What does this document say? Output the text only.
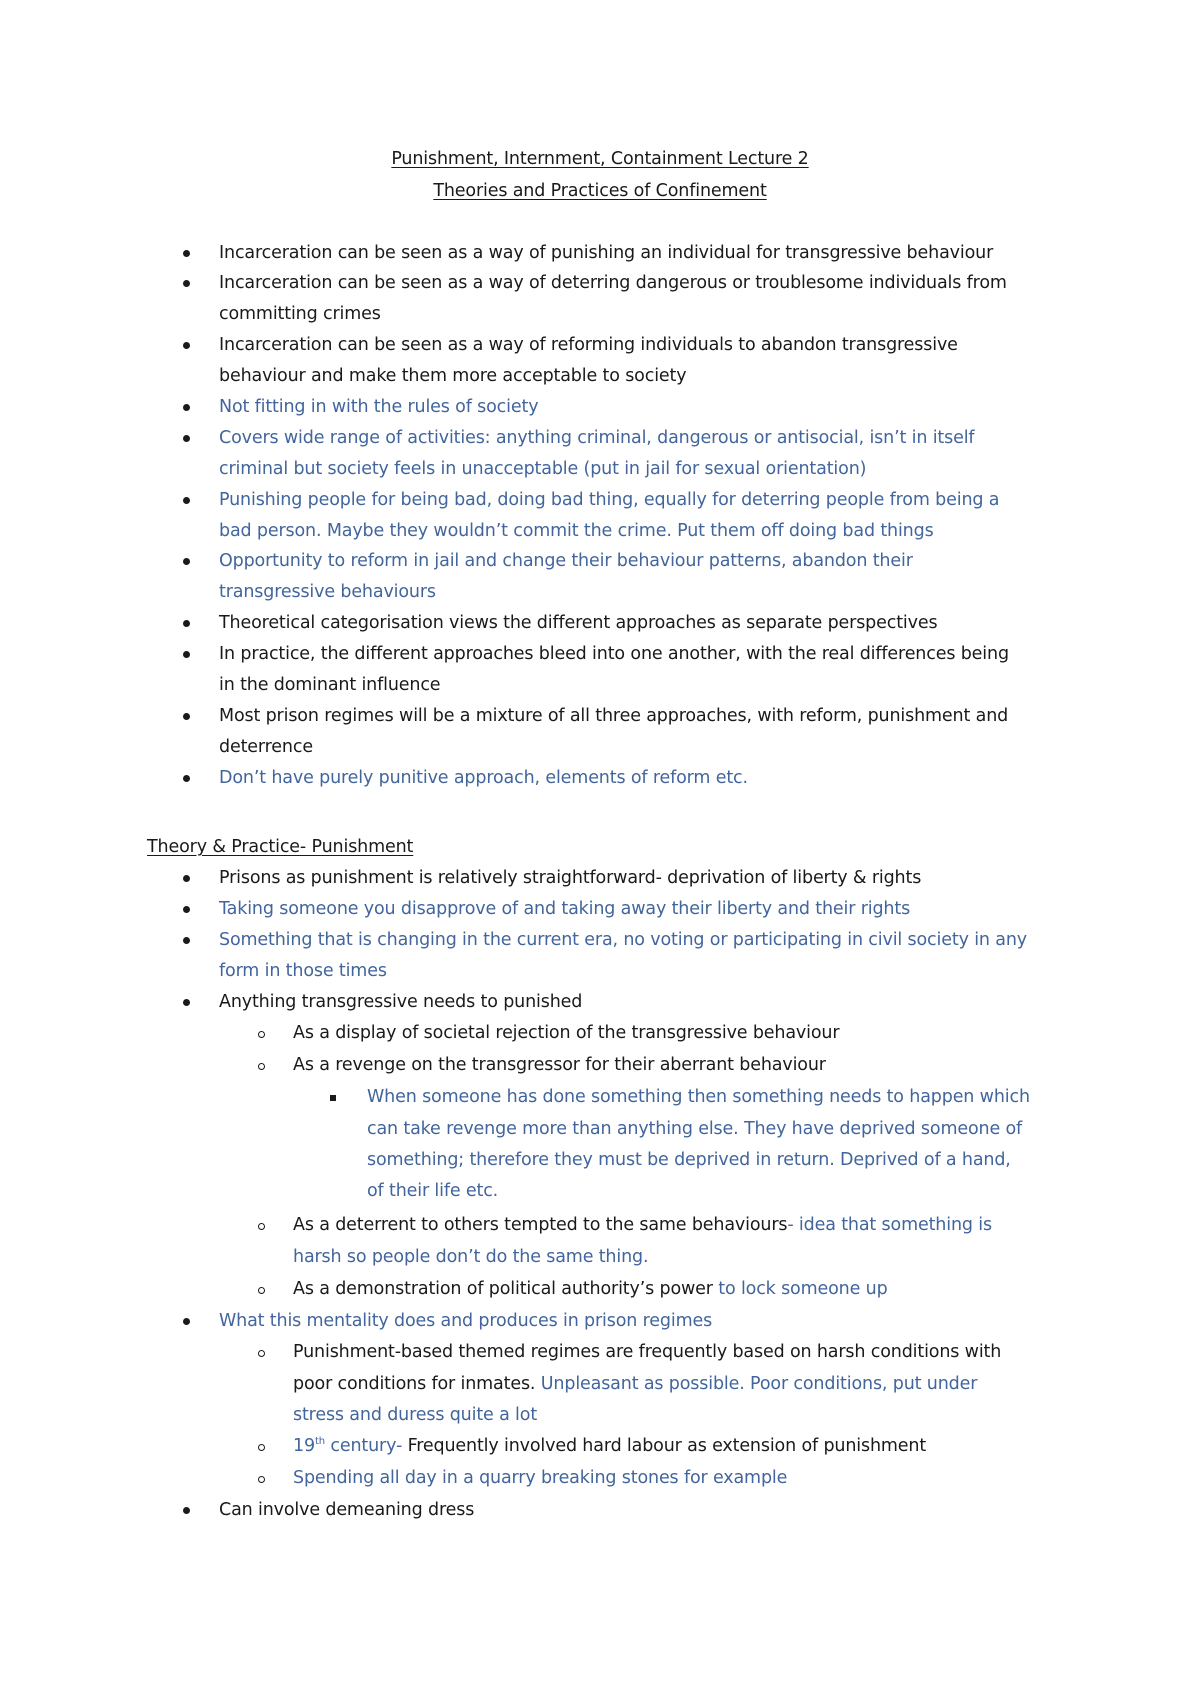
Punishment, Internment, Containment Lecture 2
Theories and Practices of Confinement
Incarceration can be seen as a way of punishing an individual for transgressive behaviour
Incarceration can be seen as a way of deterring dangerous or troublesome individuals from
committing crimes
Incarceration can be seen as a way of reforming individuals to abandon transgressive
behaviour and make them more acceptable to society
Not fitting in with the rules of society
Covers wide range of activities: anything criminal, dangerous or antisocial, isn’t in itself
criminal but society feels in unacceptable (put in jail for sexual orientation)
Punishing people for being bad, doing bad thing, equally for deterring people from being a
bad person. Maybe they wouldn’t commit the crime. Put them off doing bad things
Opportunity to reform in jail and change their behaviour patterns, abandon their
transgressive behaviours
Theoretical categorisation views the different approaches as separate perspectives
In practice, the different approaches bleed into one another, with the real differences being
in the dominant influence
Most prison regimes will be a mixture of all three approaches, with reform, punishment and
deterrence
Don’t have purely punitive approach, elements of reform etc.
Theory & Practice- Punishment
Prisons as punishment is relatively straightforward- deprivation of liberty & rights
Taking someone you disapprove of and taking away their liberty and their rights
Something that is changing in the current era, no voting or participating in civil society in any
form in those times
Anything transgressive needs to punished
As a display of societal rejection of the transgressive behaviour
As a revenge on the transgressor for their aberrant behaviour
When someone has done something then something needs to happen which
can take revenge more than anything else. They have deprived someone of
something; therefore they must be deprived in return. Deprived of a hand,
of their life etc.
As a deterrent to others tempted to the same behaviours- idea that something is
harsh so people don’t do the same thing.
As a demonstration of political authority’s power to lock someone up
What this mentality does and produces in prison regimes
Punishment-based themed regimes are frequently based on harsh conditions with
poor conditions for inmates. Unpleasant as possible. Poor conditions, put under
stress and duress quite a lot
19th century- Frequently involved hard labour as extension of punishment
Spending all day in a quarry breaking stones for example
Can involve demeaning dress
